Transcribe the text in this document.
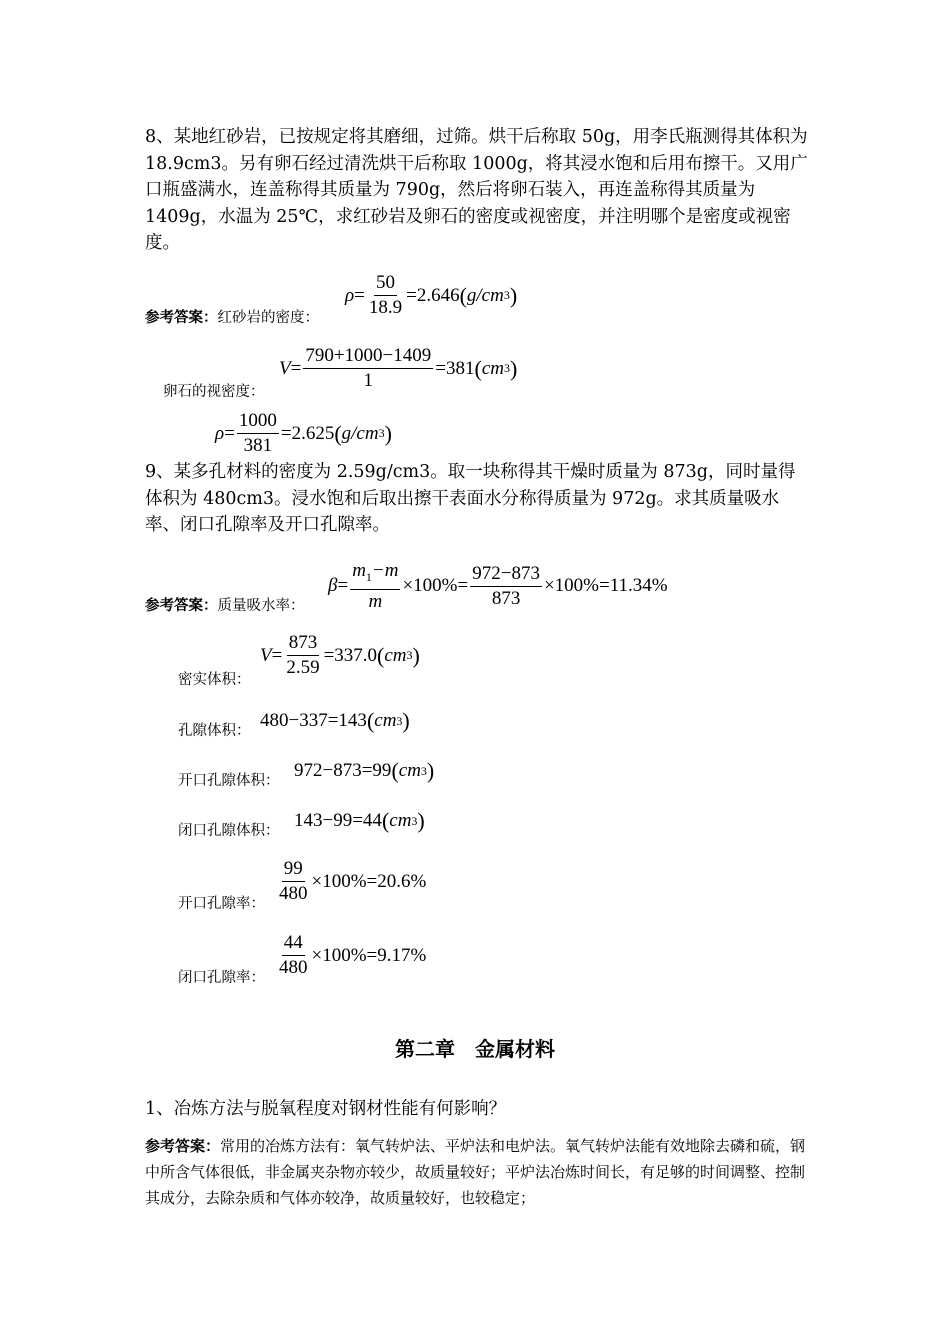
8、某地红砂岩，已按规定将其磨细，过筛。烘干后称取 50g，用李氏瓶测得其体积为 18.9cm3。另有卵石经过清洗烘干后称取 1000g，将其浸水饱和后用布擦干。又用广口瓶盛满水，连盖称得其质量为 790g，然后将卵石装入，再连盖称得其质量为 1409g，水温为 25℃，求红砂岩及卵石的密度或视密度，并注明哪个是密度或视密度。
参考答案：红砂岩的密度：
$\rho = \frac{50}{18.9} = 2.646$ ( g/cm 3 )
卵石的视密度：
$V = \frac{790+1000-1409}{1} = 381$ ( cm 3 )
$\rho = \frac{1000}{381} = 2.625$ ( g/cm 3 )
9、某多孔材料的密度为 2.59g/cm3。取一块称得其干燥时质量为 873g，同时量得体积为 480cm3。浸水饱和后取出擦干表面水分称得质量为 972g。求其质量吸水率、闭口孔隙率及开口孔隙率。
参考答案：质量吸水率：
$\beta = \frac{m_1-m}{m} \times 100\% = \frac{972-873}{873} \times 100\%=11.34\%$
密实体积：
$V = \frac{873}{2.59} = 337.0$ ( cm 3 )
孔隙体积： 480−337=143 ( cm 3 )
开口孔隙体积： 972−873=99 ( cm 3 )
闭口孔隙体积： 143−99=44 ( cm 3 )
开口孔隙率： $\frac{99}{480} \times 100\%=20.6\%$
闭口孔隙率： $\frac{44}{480} \times 100\%=9.17\%$
第二章　金属材料
1、冶炼方法与脱氧程度对钢材性能有何影响？
参考答案：常用的冶炼方法有：氧气转炉法、平炉法和电炉法。氧气转炉法能有效地除去磷和硫，钢中所含气体很低，非金属夹杂物亦较少，故质量较好；平炉法冶炼时间长，有足够的时间调整、控制其成分，去除杂质和气体亦较净，故质量较好，也较稳定；
